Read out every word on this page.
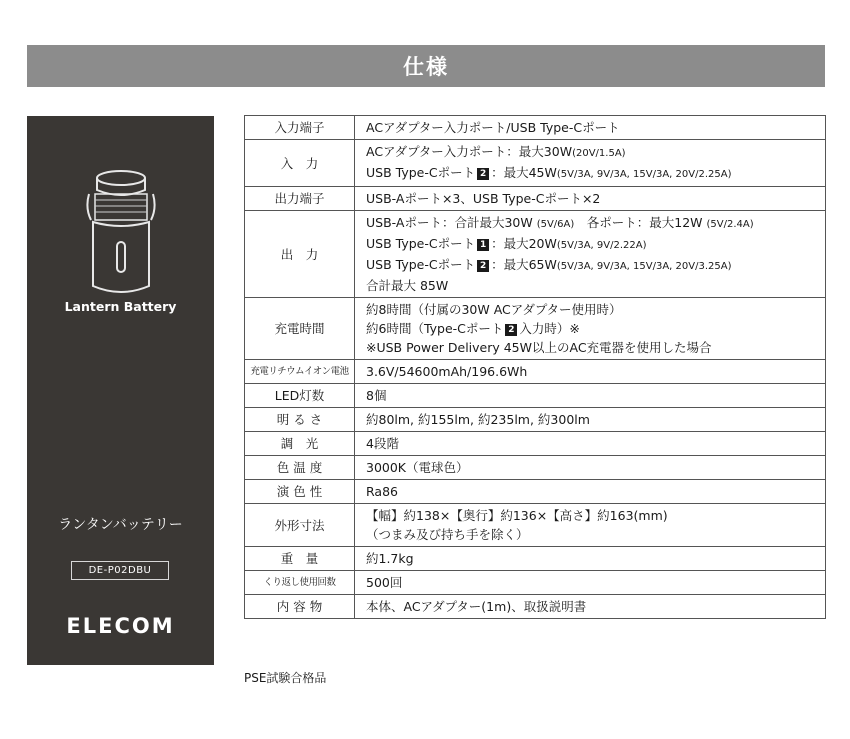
仕様
Lantern Battery
ランタンバッテリー
DE-P02DBU
ELECOM
入力端子	ACアダプター入力ポート/USB Type-Cポート

入　力	ACアダプター入力ポート：最大30W(20V/1.5A)
USB Type-Cポート 2 ：最大45W(5V/3A, 9V/3A, 15V/3A, 20V/2.25A)

出力端子	USB-Aポート×3、USB Type-Cポート×2

出　力	USB-Aポート：合計最大30W (5V/6A)　各ポート：最大12W (5V/2.4A)
USB Type-Cポート 1 ：最大20W(5V/3A, 9V/2.22A)
USB Type-Cポート 2 ：最大65W(5V/3A, 9V/3A, 15V/3A, 20V/3.25A)
合計最大 85W

充電時間	約8時間（付属の30W ACアダプター使用時）
約6時間（Type-Cポート 2 入力時）※
※USB Power Delivery 45W以上のAC充電器を使用した場合

充電リチウムイオン電池	3.6V/54600mAh/196.6Wh

LED灯数	8個

明 る さ	約80lm, 約155lm, 約235lm, 約300lm

調　光	4段階

色 温 度	3000K（電球色）

演 色 性	Ra86

外形寸法	【幅】約138×【奥行】約136×【高さ】約163(mm)
（つまみ及び持ち手を除く）

重　量	約1.7kg

くり返し使用回数	500回

内 容 物	本体、ACアダプター(1m)、取扱説明書
PSE試験合格品
